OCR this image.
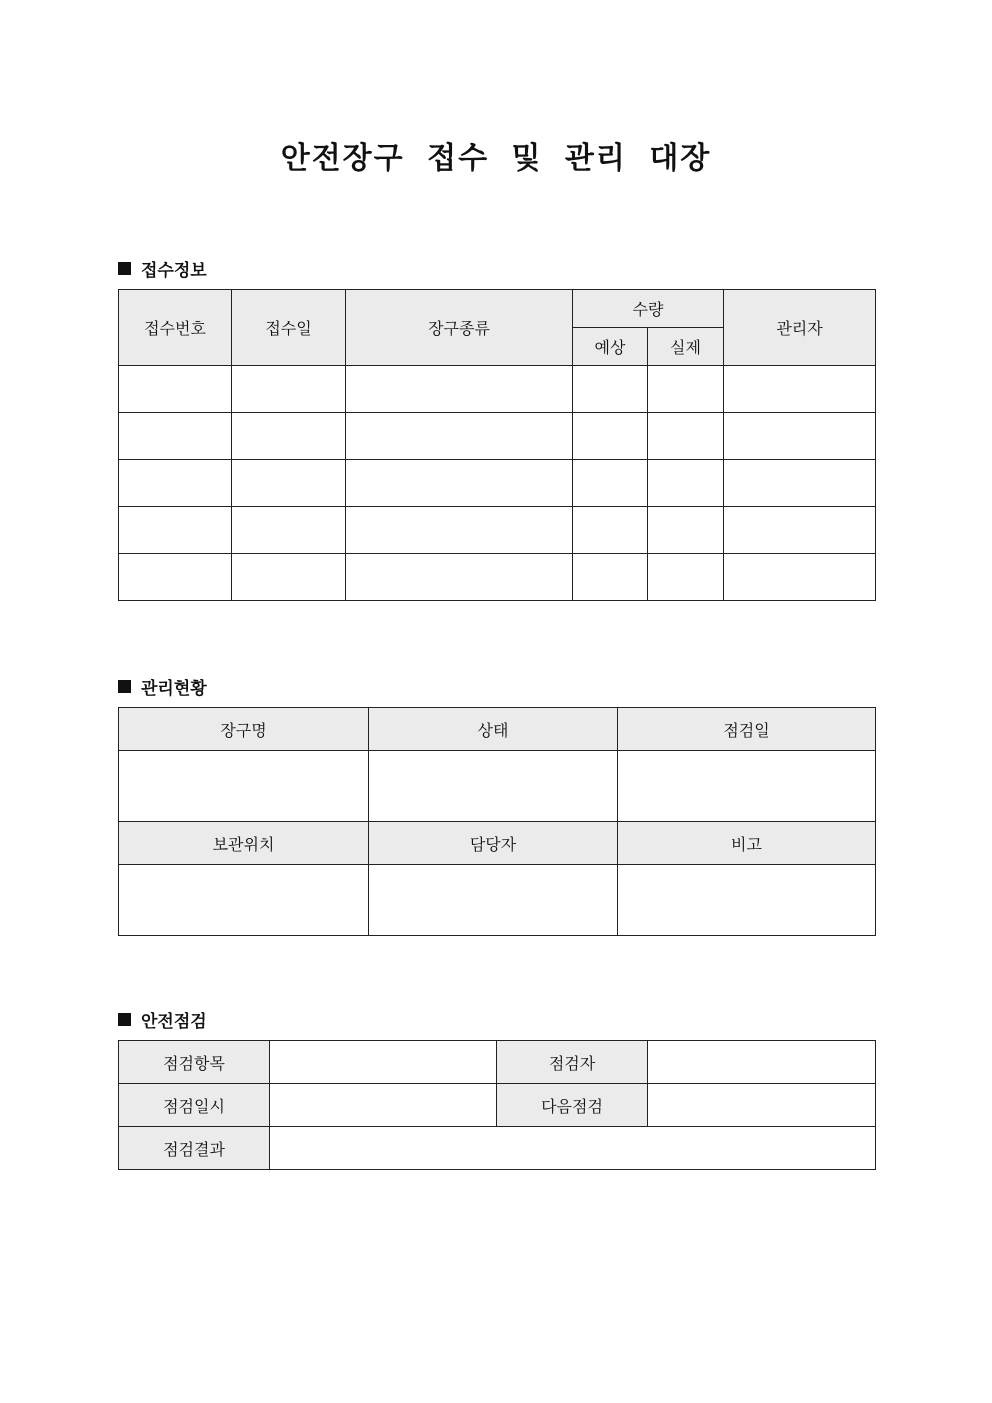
안전장구 접수 및 관리 대장
접수정보
접수번호	접수일	장구종류	수량		관리자
			예상	실제	

관리현황
장구명	상태	점검일

보관위치	담당자	비고

안전점검
점검항목		점검자	
점검일시		다음점검	
점검결과			
